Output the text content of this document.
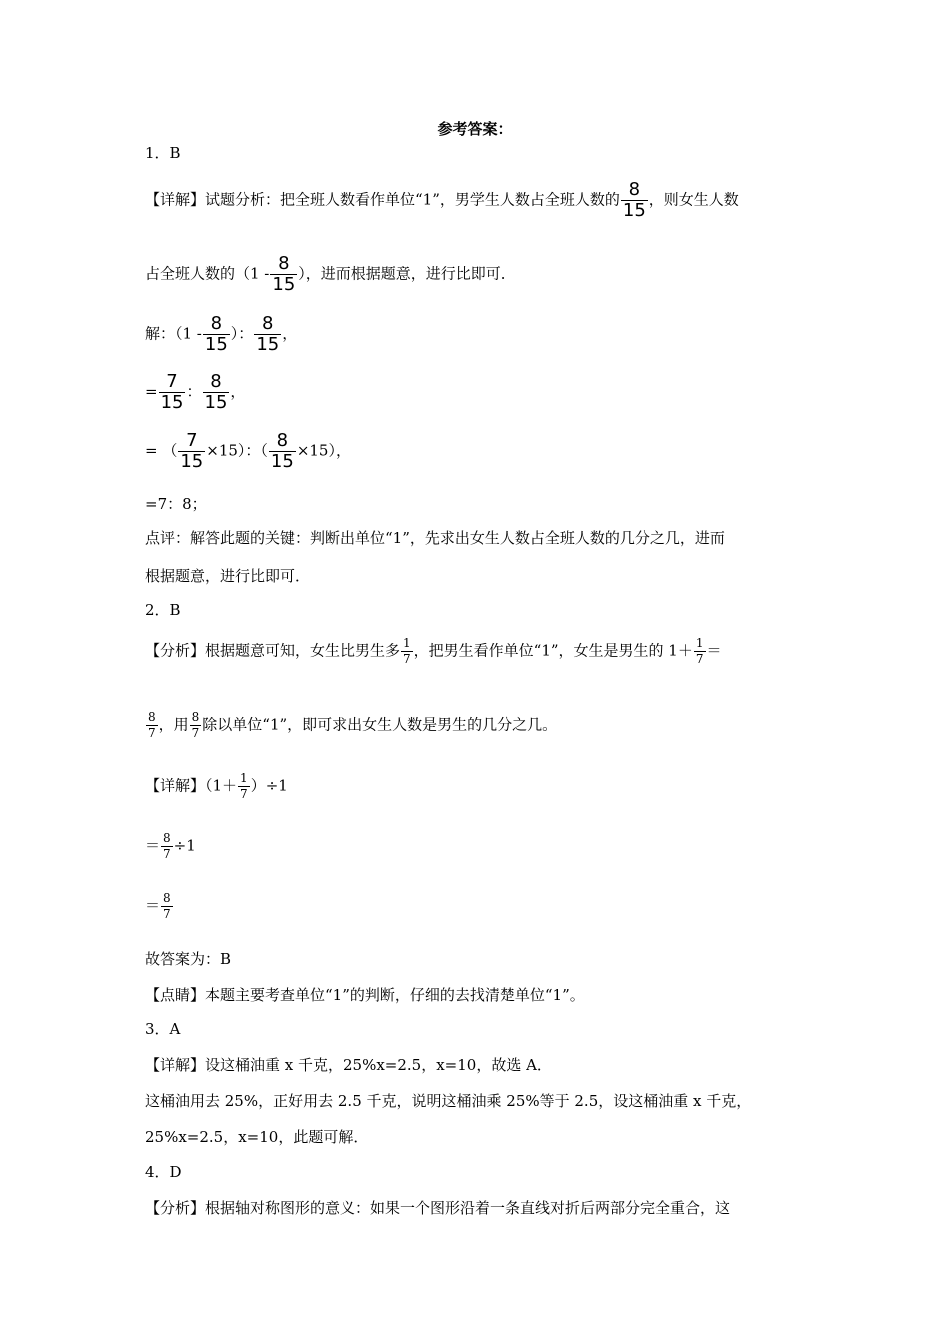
参考答案：
1．B
【详解】试题分析：把全班人数看作单位“1”，男学生人数占全班人数的 $\frac{8}{15}$ ，则女生人数
占全班人数的（$1 - \frac{8}{15}$ ），进而根据题意，进行比即可．
解：（$1 - \frac{8}{15}$ ）： $\frac{8}{15}$ ，
= $\frac{7}{15}$ ： $\frac{8}{15}$ ，
= （ $\frac{7}{15} \times 15$）：（ $\frac{8}{15} \times 15$），
=7：8；
点评：解答此题的关键：判断出单位“1”，先求出女生人数占全班人数的几分之几，进而
根据题意，进行比即可．
2．B
【分析】根据题意可知，女生比男生多 $\frac{1}{7}$ ，把男生看作单位“1”，女生是男生的 $1+ \frac{1}{7}$ ＝
$\frac{8}{7}$ ，用 $\frac{8}{7}$ 除以单位“1”，即可求出女生人数是男生的几分之几。
【详解】$(1+ \frac{1}{7} )\div 1$
＝ $\frac{8}{7} \div 1$
＝ $\frac{8}{7}$
故答案为：B
【点睛】本题主要考查单位“1”的判断，仔细的去找清楚单位“1”。
3．A
【详解】设这桶油重 x 千克，25%x=2.5，x=10，故选 A．
这桶油用去 25%，正好用去 2.5 千克，说明这桶油乘 25%等于 2.5，设这桶油重 x 千克，
25%x=2.5，x=10，此题可解．
4．D
【分析】根据轴对称图形的意义：如果一个图形沿着一条直线对折后两部分完全重合，这
